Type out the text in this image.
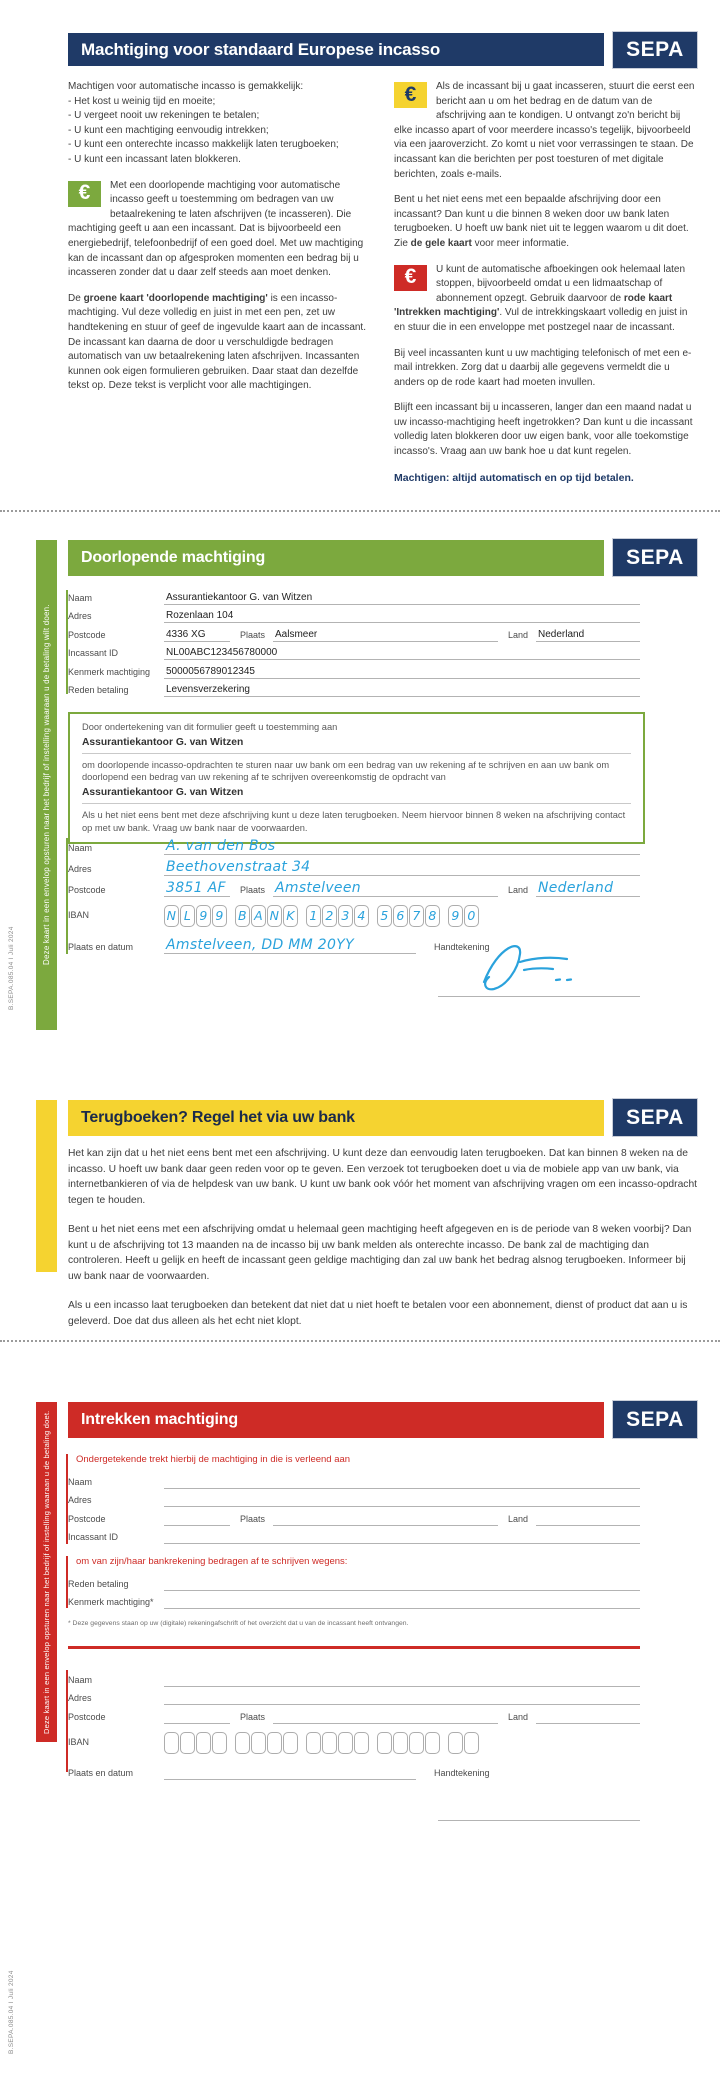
Machtiging voor standaard Europese incasso	SEPA

Machtigen voor automatische incasso is gemakkelijk:

- Het kost u weinig tijd en moeite;
- U vergeet nooit uw rekeningen te betalen;
- U kunt een machtiging eenvoudig intrekken;
- U kunt een onterechte incasso makkelijk laten terugboeken;
- U kunt een incassant laten blokkeren.

€	Met een doorlopende machtiging voor automatische incasso geeft u toestemming om bedragen van uw betaalrekening te laten afschrijven (te incasseren). Die machtiging geeft u aan een incassant. Dat is bijvoorbeeld een energiebedrijf, telefoonbedrijf of een goed doel. Met uw machtiging kan de incassant dan op afgesproken momenten een bedrag bij u incasseren zonder dat u daar zelf steeds aan moet denken.

De groene kaart 'doorlopende machtiging' is een incasso-machtiging. Vul deze volledig en juist in met een pen, zet uw handtekening en stuur of geef de ingevulde kaart aan de incassant. De incassant kan daarna de door u verschuldigde bedragen automatisch van uw betaalrekening laten afschrijven. Incassanten kunnen ook eigen formulieren gebruiken. Daar staat dan dezelfde tekst op. Deze tekst is verplicht voor alle machtigingen.

€	Als de incassant bij u gaat incasseren, stuurt die eerst een bericht aan u om het bedrag en de datum van de afschrijving aan te kondigen. U ontvangt zo'n bericht bij elke incasso apart of voor meerdere incasso's tegelijk, bijvoorbeeld via een jaaroverzicht. Zo komt u niet voor verrassingen te staan. De incassant kan die berichten per post toesturen of met digitale berichten, zoals e-mails.

Bent u het niet eens met een bepaalde afschrijving door een incassant? Dan kunt u die binnen 8 weken door uw bank laten terugboeken. U hoeft uw bank niet uit te leggen waarom u dit doet. Zie de gele kaart voor meer informatie.

€	U kunt de automatische afboekingen ook helemaal laten stoppen, bijvoorbeeld omdat u een lidmaatschap of abonnement opzegt. Gebruik daarvoor de rode kaart 'Intrekken machtiging'. Vul de intrekkingskaart volledig en juist in en stuur die in een enveloppe met postzegel naar de incassant.

Bij veel incassanten kunt u uw machtiging telefonisch of met een e-mail intrekken. Zorg dat u daarbij alle gegevens vermeldt die u anders op de rode kaart had moeten invullen.

Blijft een incassant bij u incasseren, langer dan een maand nadat u uw incasso-machtiging heeft ingetrokken? Dan kunt u die incassant volledig laten blokkeren door uw eigen bank, voor alle toekomstige incasso's. Vraag aan uw bank hoe u dat kunt regelen.

Machtigen: altijd automatisch en op tijd betalen.

Deze kaart in een envelop opsturen naar het bedrijf of instelling waaraan u de betaling wilt doen.
B.SEPA.085.04 I Juli 2024
Doorlopende machtiging	SEPA
Naam	Assurantiekantoor G. van Witzen
Adres	Rozenlaan 104
Postcode	4336 XG	Plaats Aalsmeer	Land Nederland
Incassant ID	NL00ABC123456780000
Kenmerk machtiging	5000056789012345
Reden betaling	Levensverzekering
Door ondertekening van dit formulier geeft u toestemming aan
Assurantiekantoor G. van Witzen
om doorlopende incasso-opdrachten te sturen naar uw bank om een bedrag van uw rekening af te schrijven en aan uw bank om doorlopend een bedrag van uw rekening af te schrijven overeenkomstig de opdracht van
Assurantiekantoor G. van Witzen
Als u het niet eens bent met deze afschrijving kunt u deze laten terugboeken. Neem hiervoor binnen 8 weken na afschrijving contact op met uw bank. Vraag uw bank naar de voorwaarden.
Naam	A. van den Bos
Adres	Beethovenstraat 34
Postcode	3851 AF	Plaats Amstelveen	Land Nederland
IBAN	N L 9 9 B A N K 1 2 3 4 5 6 7 8 9 0
Plaats en datum	Amstelveen, DD MM 20YY	Handtekening
Terugboeken? Regel het via uw bank	SEPA

Het kan zijn dat u het niet eens bent met een afschrijving. U kunt deze dan eenvoudig laten terugboeken. Dat kan binnen 8 weken na de incasso. U hoeft uw bank daar geen reden voor op te geven. Een verzoek tot terugboeken doet u via de mobiele app van uw bank, via internetbankieren of via de helpdesk van uw bank. U kunt uw bank ook vóór het moment van afschrijving vragen om een incasso-opdracht tegen te houden.

Bent u het niet eens met een afschrijving omdat u helemaal geen machtiging heeft afgegeven en is de periode van 8 weken voorbij? Dan kunt u de afschrijving tot 13 maanden na de incasso bij uw bank melden als onterechte incasso. De bank zal de machtiging dan controleren. Heeft u gelijk en heeft de incassant geen geldige machtiging dan zal uw bank het bedrag alsnog terugboeken. Informeer bij uw bank naar de voorwaarden.

Als u een incasso laat terugboeken dan betekent dat niet dat u niet hoeft te betalen voor een abonnement, dienst of product dat aan u is geleverd. Doe dat dus alleen als het echt niet klopt.

Deze kaart in een envelop opsturen naar het bedrijf of instelling waaraan u de betaling doet.
B.SEPA.085.04 I Juli 2024
Intrekken machtiging	SEPA
Ondergetekende trekt hierbij de machtiging in die is verleend aan
Naam
Adres
Postcode	Plaats	Land
Incassant ID
om van zijn/haar bankrekening bedragen af te schrijven wegens:
Reden betaling
Kenmerk machtiging*
* Deze gegevens staan op uw (digitale) rekeningafschrift of het overzicht dat u van de incassant heeft ontvangen.
Naam
Adres
Postcode	Plaats	Land
IBAN
Plaats en datum	Handtekening
